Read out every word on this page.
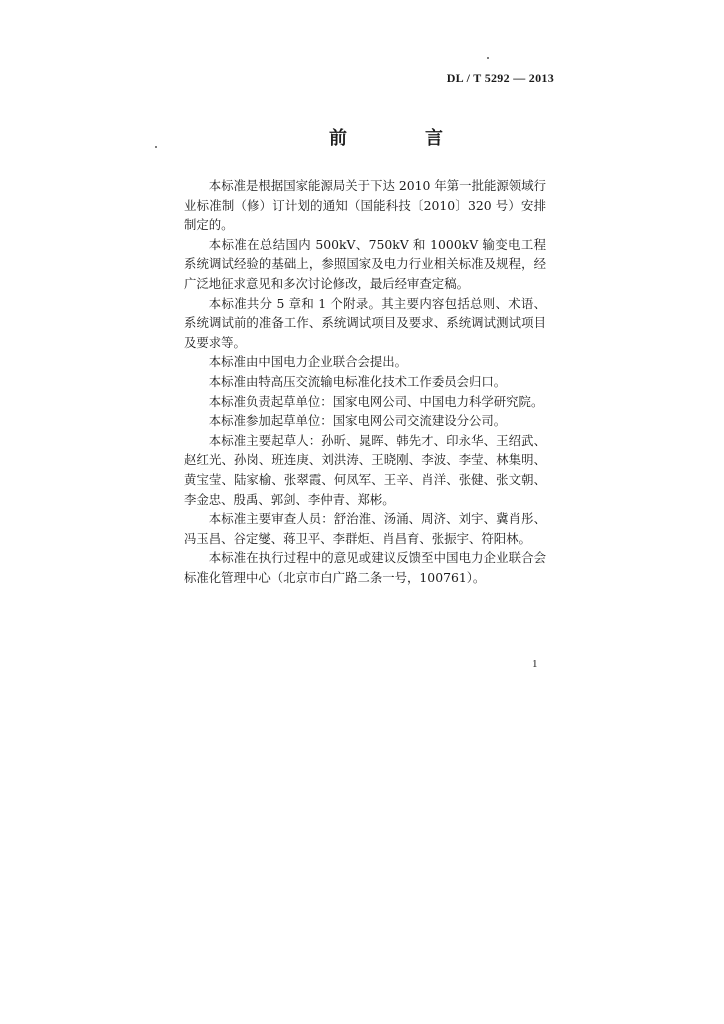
DL / T 5292 — 2013
前　言

本标准是根据国家能源局关于下达 2010 年第一批能源领域行业标准制（修）订计划的通知（国能科技〔2010〕320 号）安排制定的。

本标准在总结国内 500kV、750kV 和 1000kV 输变电工程系统调试经验的基础上，参照国家及电力行业相关标准及规程，经广泛地征求意见和多次讨论修改，最后经审查定稿。

本标准共分 5 章和 1 个附录。其主要内容包括总则、术语、系统调试前的准备工作、系统调试项目及要求、系统调试测试项目及要求等。

本标准由中国电力企业联合会提出。

本标准由特高压交流输电标准化技术工作委员会归口。

本标准负责起草单位：国家电网公司、中国电力科学研究院。

本标准参加起草单位：国家电网公司交流建设分公司。

本标准主要起草人：孙昕、晁晖、韩先才、印永华、王绍武、赵红光、孙岗、班连庚、刘洪涛、王晓刚、李波、李莹、林集明、黄宝莹、陆家榆、张翠霞、何凤军、王辛、肖洋、张健、张文朝、李金忠、殷禹、郭剑、李仲青、郑彬。

本标准主要审查人员：舒治淮、汤涌、周济、刘宇、冀肖彤、冯玉昌、谷定燮、蒋卫平、李群炬、肖昌育、张振宇、符阳林。

本标准在执行过程中的意见或建议反馈至中国电力企业联合会标准化管理中心（北京市白广路二条一号，100761）。

1
